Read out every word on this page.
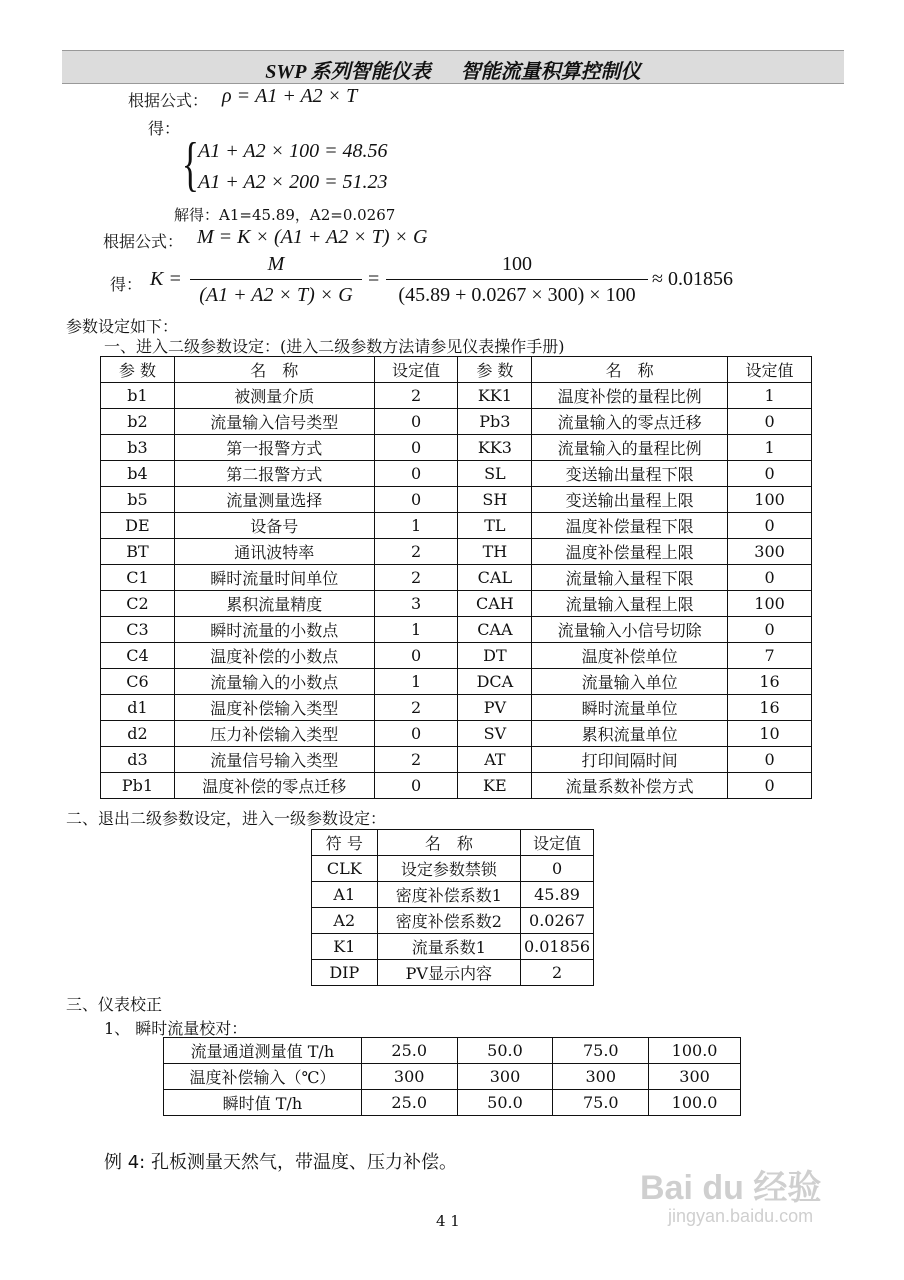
SWP 系列智能仪表 智能流量积算控制仪
根据公式： ρ = A1 + A2 × T
得：
{
A1 + A2 × 100 = 48.56
A1 + A2 × 200 = 51.23
解得：A1=45.89，A2=0.0267
根据公式： M = K × (A1 + A2 × T) × G
得： K =
M
(A1 + A2 × T) × G
=
100
(45.89 + 0.0267 × 300) × 100
≈ 0.01856
参数设定如下：
一、进入二级参数设定：(进入二级参数方法请参见仪表操作手册)
参 数	名　称	设定值	参 数	名　称	设定值
b1	被测量介质	2	KK1	温度补偿的量程比例	1
b2	流量输入信号类型	0	Pb3	流量输入的零点迁移	0
b3	第一报警方式	0	KK3	流量输入的量程比例	1
b4	第二报警方式	0	SL	变送输出量程下限	0
b5	流量测量选择	0	SH	变送输出量程上限	100
DE	设备号	1	TL	温度补偿量程下限	0
BT	通讯波特率	2	TH	温度补偿量程上限	300
C1	瞬时流量时间单位	2	CAL	流量输入量程下限	0
C2	累积流量精度	3	CAH	流量输入量程上限	100
C3	瞬时流量的小数点	1	CAA	流量输入小信号切除	0
C4	温度补偿的小数点	0	DT	温度补偿单位	7
C6	流量输入的小数点	1	DCA	流量输入单位	16
d1	温度补偿输入类型	2	PV	瞬时流量单位	16
d2	压力补偿输入类型	0	SV	累积流量单位	10
d3	流量信号输入类型	2	AT	打印间隔时间	0
Pb1	温度补偿的零点迁移	0	KE	流量系数补偿方式	0
二、退出二级参数设定，进入一级参数设定：
符 号	名　称	设定值
CLK	设定参数禁锁	0
A1	密度补偿系数1	45.89
A2	密度补偿系数2	0.0267
K1	流量系数1	0.01856
DIP	PV显示内容	2
三、仪表校正
1、 瞬时流量校对：
流量通道测量值 T/h	25.0	50.0	75.0	100.0
温度补偿输入（℃）	300	300	300	300
瞬时值 T/h	25.0	50.0	75.0	100.0
例 4: 孔板测量天然气，带温度、压力补偿。
4 1
Bai du 经验
jingyan.baidu.com
